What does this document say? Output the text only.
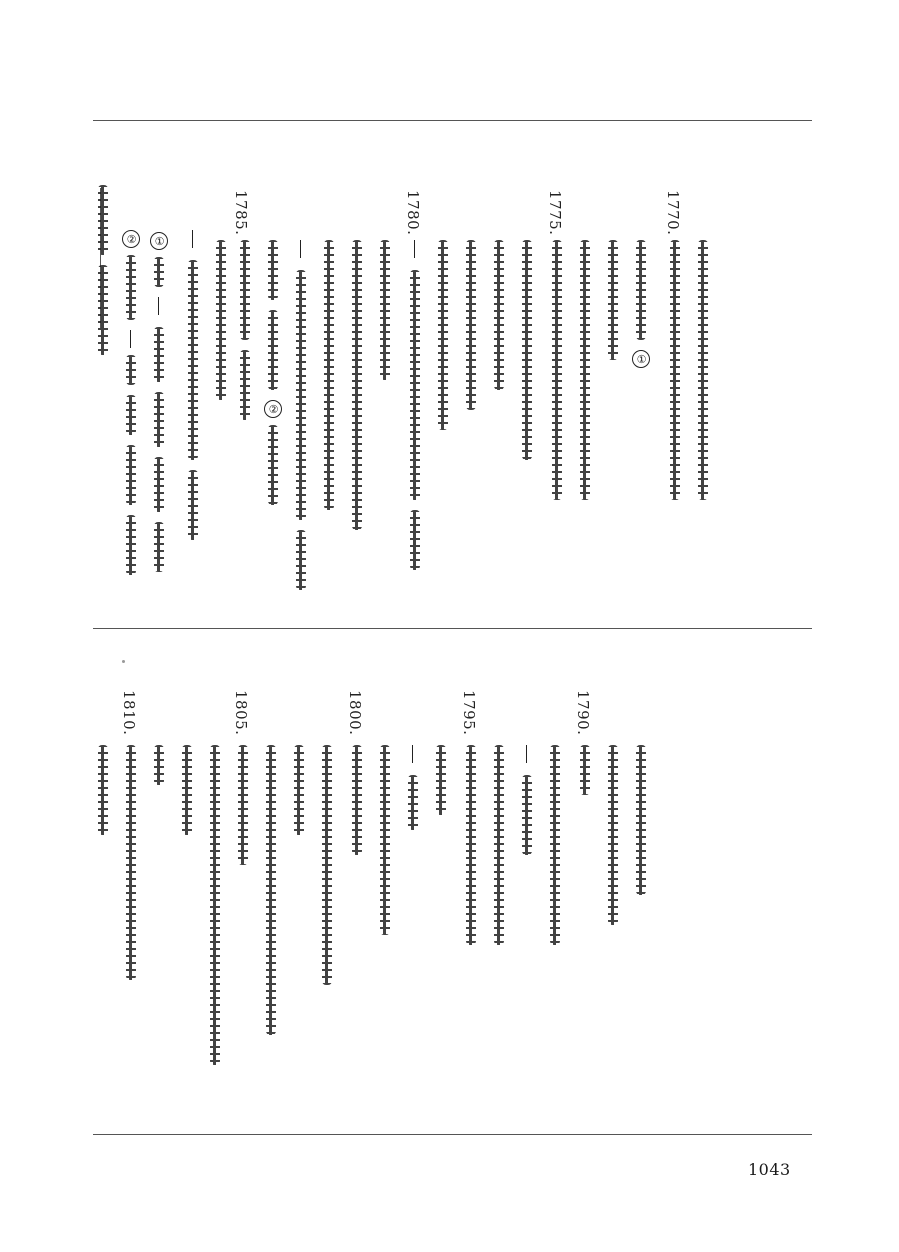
② ①
1785.
②
1780.	1775.
①
1770.
1810.	1805.	1800.	1795.	1790.
1043
